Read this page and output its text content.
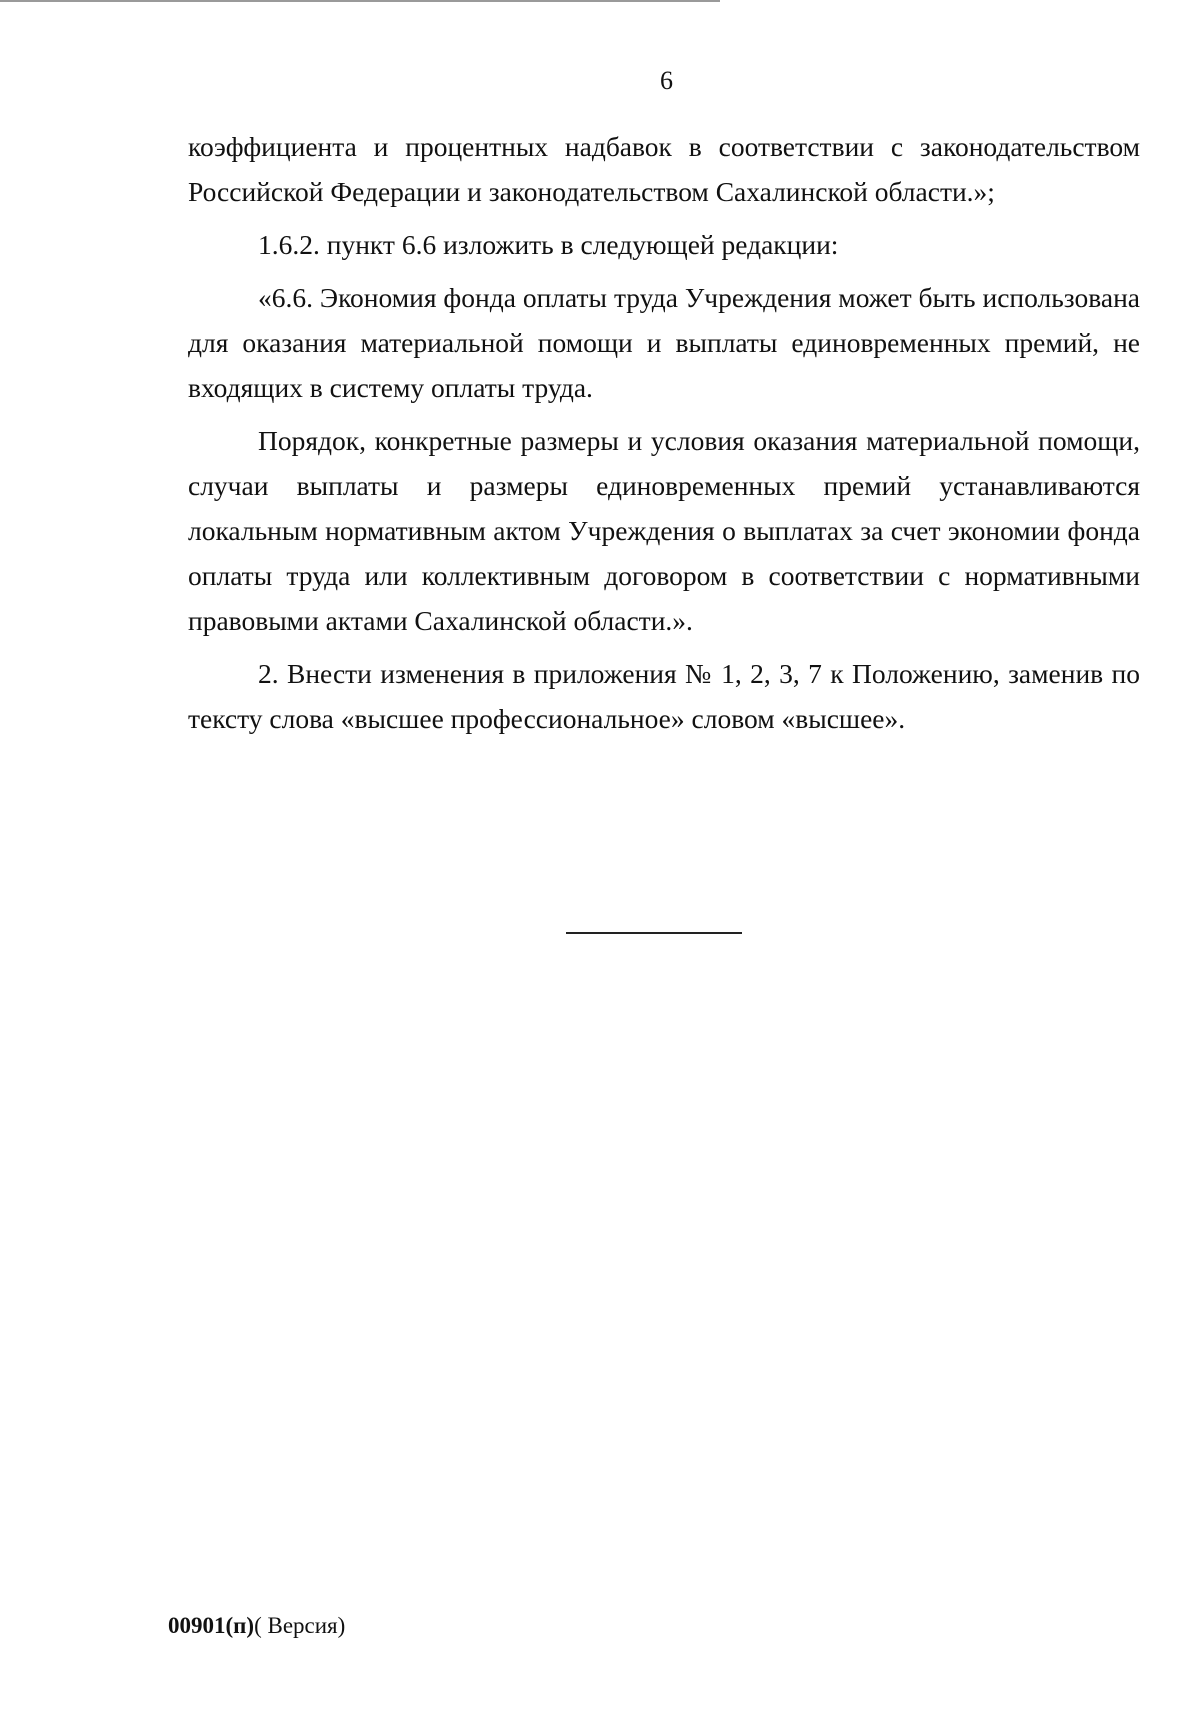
6

коэффициента и процентных надбавок в соответствии с законодательством Российской Федерации и законодательством Сахалинской области.»;

1.6.2. пункт 6.6 изложить в следующей редакции:

«6.6. Экономия фонда оплаты труда Учреждения может быть использована для оказания материальной помощи и выплаты единовременных премий, не входящих в систему оплаты труда.

Порядок, конкретные размеры и условия оказания материальной помощи, случаи выплаты и размеры единовременных премий устанавливаются локальным нормативным актом Учреждения о выплатах за счет экономии фонда оплаты труда или коллективным договором в соответствии с нормативными правовыми актами Сахалинской области.».

2. Внести изменения в приложения № 1, 2, 3, 7 к Положению, заменив по тексту слова «высшее профессиональное» словом «высшее».

00901(п)( Версия)
